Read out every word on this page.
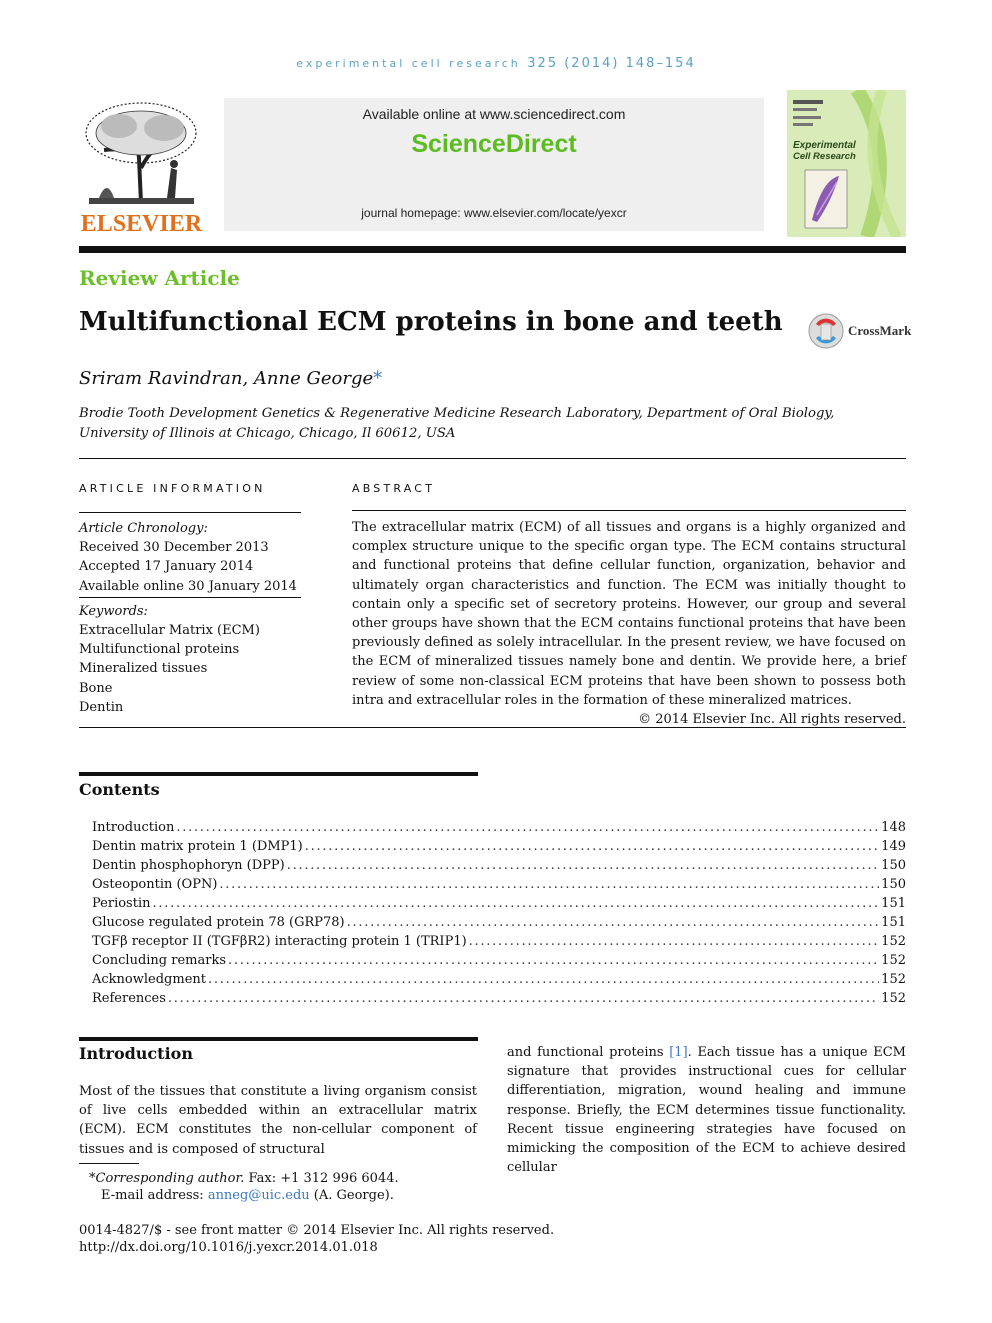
experimental cell research 325 (2014) 148–154
ELSEVIER
Available online at www.sciencedirect.com
ScienceDirect
journal homepage: www.elsevier.com/locate/yexcr
Experimental
Cell Research
Review Article
Multifunctional ECM proteins in bone and teeth	CrossMark
Sriram Ravindran, Anne George*
Brodie Tooth Development Genetics & Regenerative Medicine Research Laboratory, Department of Oral Biology,
University of Illinois at Chicago, Chicago, Il 60612, USA
ARTICLE INFORMATION
Article Chronology:
Received 30 December 2013
Accepted 17 January 2014
Available online 30 January 2014
Keywords:
Extracellular Matrix (ECM)
Multifunctional proteins
Mineralized tissues
Bone
Dentin
ABSTRACT
The extracellular matrix (ECM) of all tissues and organs is a highly organized and complex structure unique to the specific organ type. The ECM contains structural and functional proteins that define cellular function, organization, behavior and ultimately organ characteristics and function. The ECM was initially thought to contain only a specific set of secretory proteins. However, our group and several other groups have shown that the ECM contains functional proteins that have been previously defined as solely intracellular. In the present review, we have focused on the ECM of mineralized tissues namely bone and dentin. We provide here, a brief review of some non-classical ECM proteins that have been shown to possess both intra and extracellular roles in the formation of these mineralized matrices.
© 2014 Elsevier Inc. All rights reserved.
Contents
Introduction . . .	148
Dentin matrix protein 1 (DMP1) . . .	149
Dentin phosphophoryn (DPP) . . .	150
Osteopontin (OPN) . . .	150
Periostin . . .	151
Glucose regulated protein 78 (GRP78) . . .	151
TGFβ receptor II (TGFβR2) interacting protein 1 (TRIP1) . . .	152
Concluding remarks . . .	152
Acknowledgment . . .	152
References . . .	152
Introduction
Most of the tissues that constitute a living organism consist of live cells embedded within an extracellular matrix (ECM). ECM constitutes the non-cellular component of tissues and is composed of structural
and functional proteins [1]. Each tissue has a unique ECM signature that provides instructional cues for cellular differentiation, migration, wound healing and immune response. Briefly, the ECM determines tissue functionality. Recent tissue engineering strategies have focused on mimicking the composition of the ECM to achieve desired cellular
*Corresponding author. Fax: +1 312 996 6044.
E-mail address: anneg@uic.edu (A. George).
0014-4827/$ - see front matter © 2014 Elsevier Inc. All rights reserved.
http://dx.doi.org/10.1016/j.yexcr.2014.01.018
